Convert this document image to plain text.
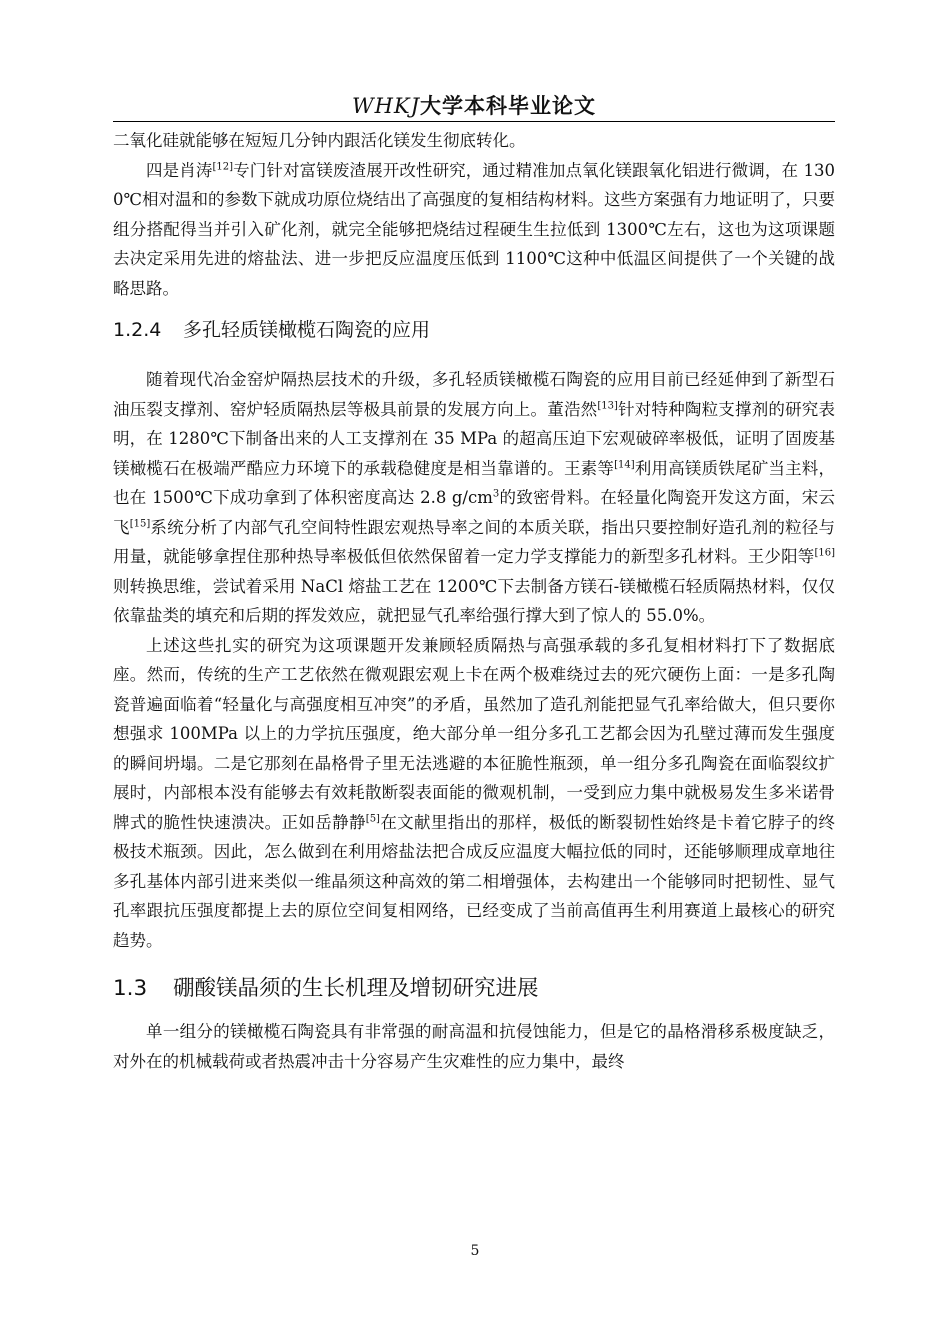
WHKJ大学本科毕业论文

二氧化硅就能够在短短几分钟内跟活化镁发生彻底转化。

四是肖涛[12]专门针对富镁废渣展开改性研究，通过精准加点氧化镁跟氧化铝进行微调，在 1300℃相对温和的参数下就成功原位烧结出了高强度的复相结构材料。这些方案强有力地证明了，只要组分搭配得当并引入矿化剂，就完全能够把烧结过程硬生生拉低到 1300℃左右，这也为这项课题去决定采用先进的熔盐法、进一步把反应温度压低到 1100℃这种中低温区间提供了一个关键的战略思路。

1.2.4 多孔轻质镁橄榄石陶瓷的应用

随着现代冶金窑炉隔热层技术的升级，多孔轻质镁橄榄石陶瓷的应用目前已经延伸到了新型石油压裂支撑剂、窑炉轻质隔热层等极具前景的发展方向上。董浩然[13]针对特种陶粒支撑剂的研究表明，在 1280℃下制备出来的人工支撑剂在 35 MPa 的超高压迫下宏观破碎率极低，证明了固废基镁橄榄石在极端严酷应力环境下的承载稳健度是相当靠谱的。王素等[14]利用高镁质铁尾矿当主料，也在 1500℃下成功拿到了体积密度高达 2.8 $g/cm^3$的致密骨料。在轻量化陶瓷开发这方面，宋云飞[15]系统分析了内部气孔空间特性跟宏观热导率之间的本质关联，指出只要控制好造孔剂的粒径与用量，就能够拿捏住那种热导率极低但依然保留着一定力学支撑能力的新型多孔材料。王少阳等[16]则转换思维，尝试着采用 NaCl 熔盐工艺在 1200℃下去制备方镁石-镁橄榄石轻质隔热材料，仅仅依靠盐类的填充和后期的挥发效应，就把显气孔率给强行撑大到了惊人的 55.0%。

上述这些扎实的研究为这项课题开发兼顾轻质隔热与高强承载的多孔复相材料打下了数据底座。然而，传统的生产工艺依然在微观跟宏观上卡在两个极难绕过去的死穴硬伤上面：一是多孔陶瓷普遍面临着“轻量化与高强度相互冲突”的矛盾，虽然加了造孔剂能把显气孔率给做大，但只要你想强求 100MPa 以上的力学抗压强度，绝大部分单一组分多孔工艺都会因为孔壁过薄而发生强度的瞬间坍塌。二是它那刻在晶格骨子里无法逃避的本征脆性瓶颈，单一组分多孔陶瓷在面临裂纹扩展时，内部根本没有能够去有效耗散断裂表面能的微观机制，一受到应力集中就极易发生多米诺骨牌式的脆性快速溃决。正如岳静静[5]在文献里指出的那样，极低的断裂韧性始终是卡着它脖子的终极技术瓶颈。因此，怎么做到在利用熔盐法把合成反应温度大幅拉低的同时，还能够顺理成章地往多孔基体内部引进来类似一维晶须这种高效的第二相增强体，去构建出一个能够同时把韧性、显气孔率跟抗压强度都提上去的原位空间复相网络，已经变成了当前高值再生利用赛道上最核心的研究趋势。

1.3 硼酸镁晶须的生长机理及增韧研究进展

单一组分的镁橄榄石陶瓷具有非常强的耐高温和抗侵蚀能力，但是它的晶格滑移系极度缺乏，对外在的机械载荷或者热震冲击十分容易产生灾难性的应力集中，最终

5
